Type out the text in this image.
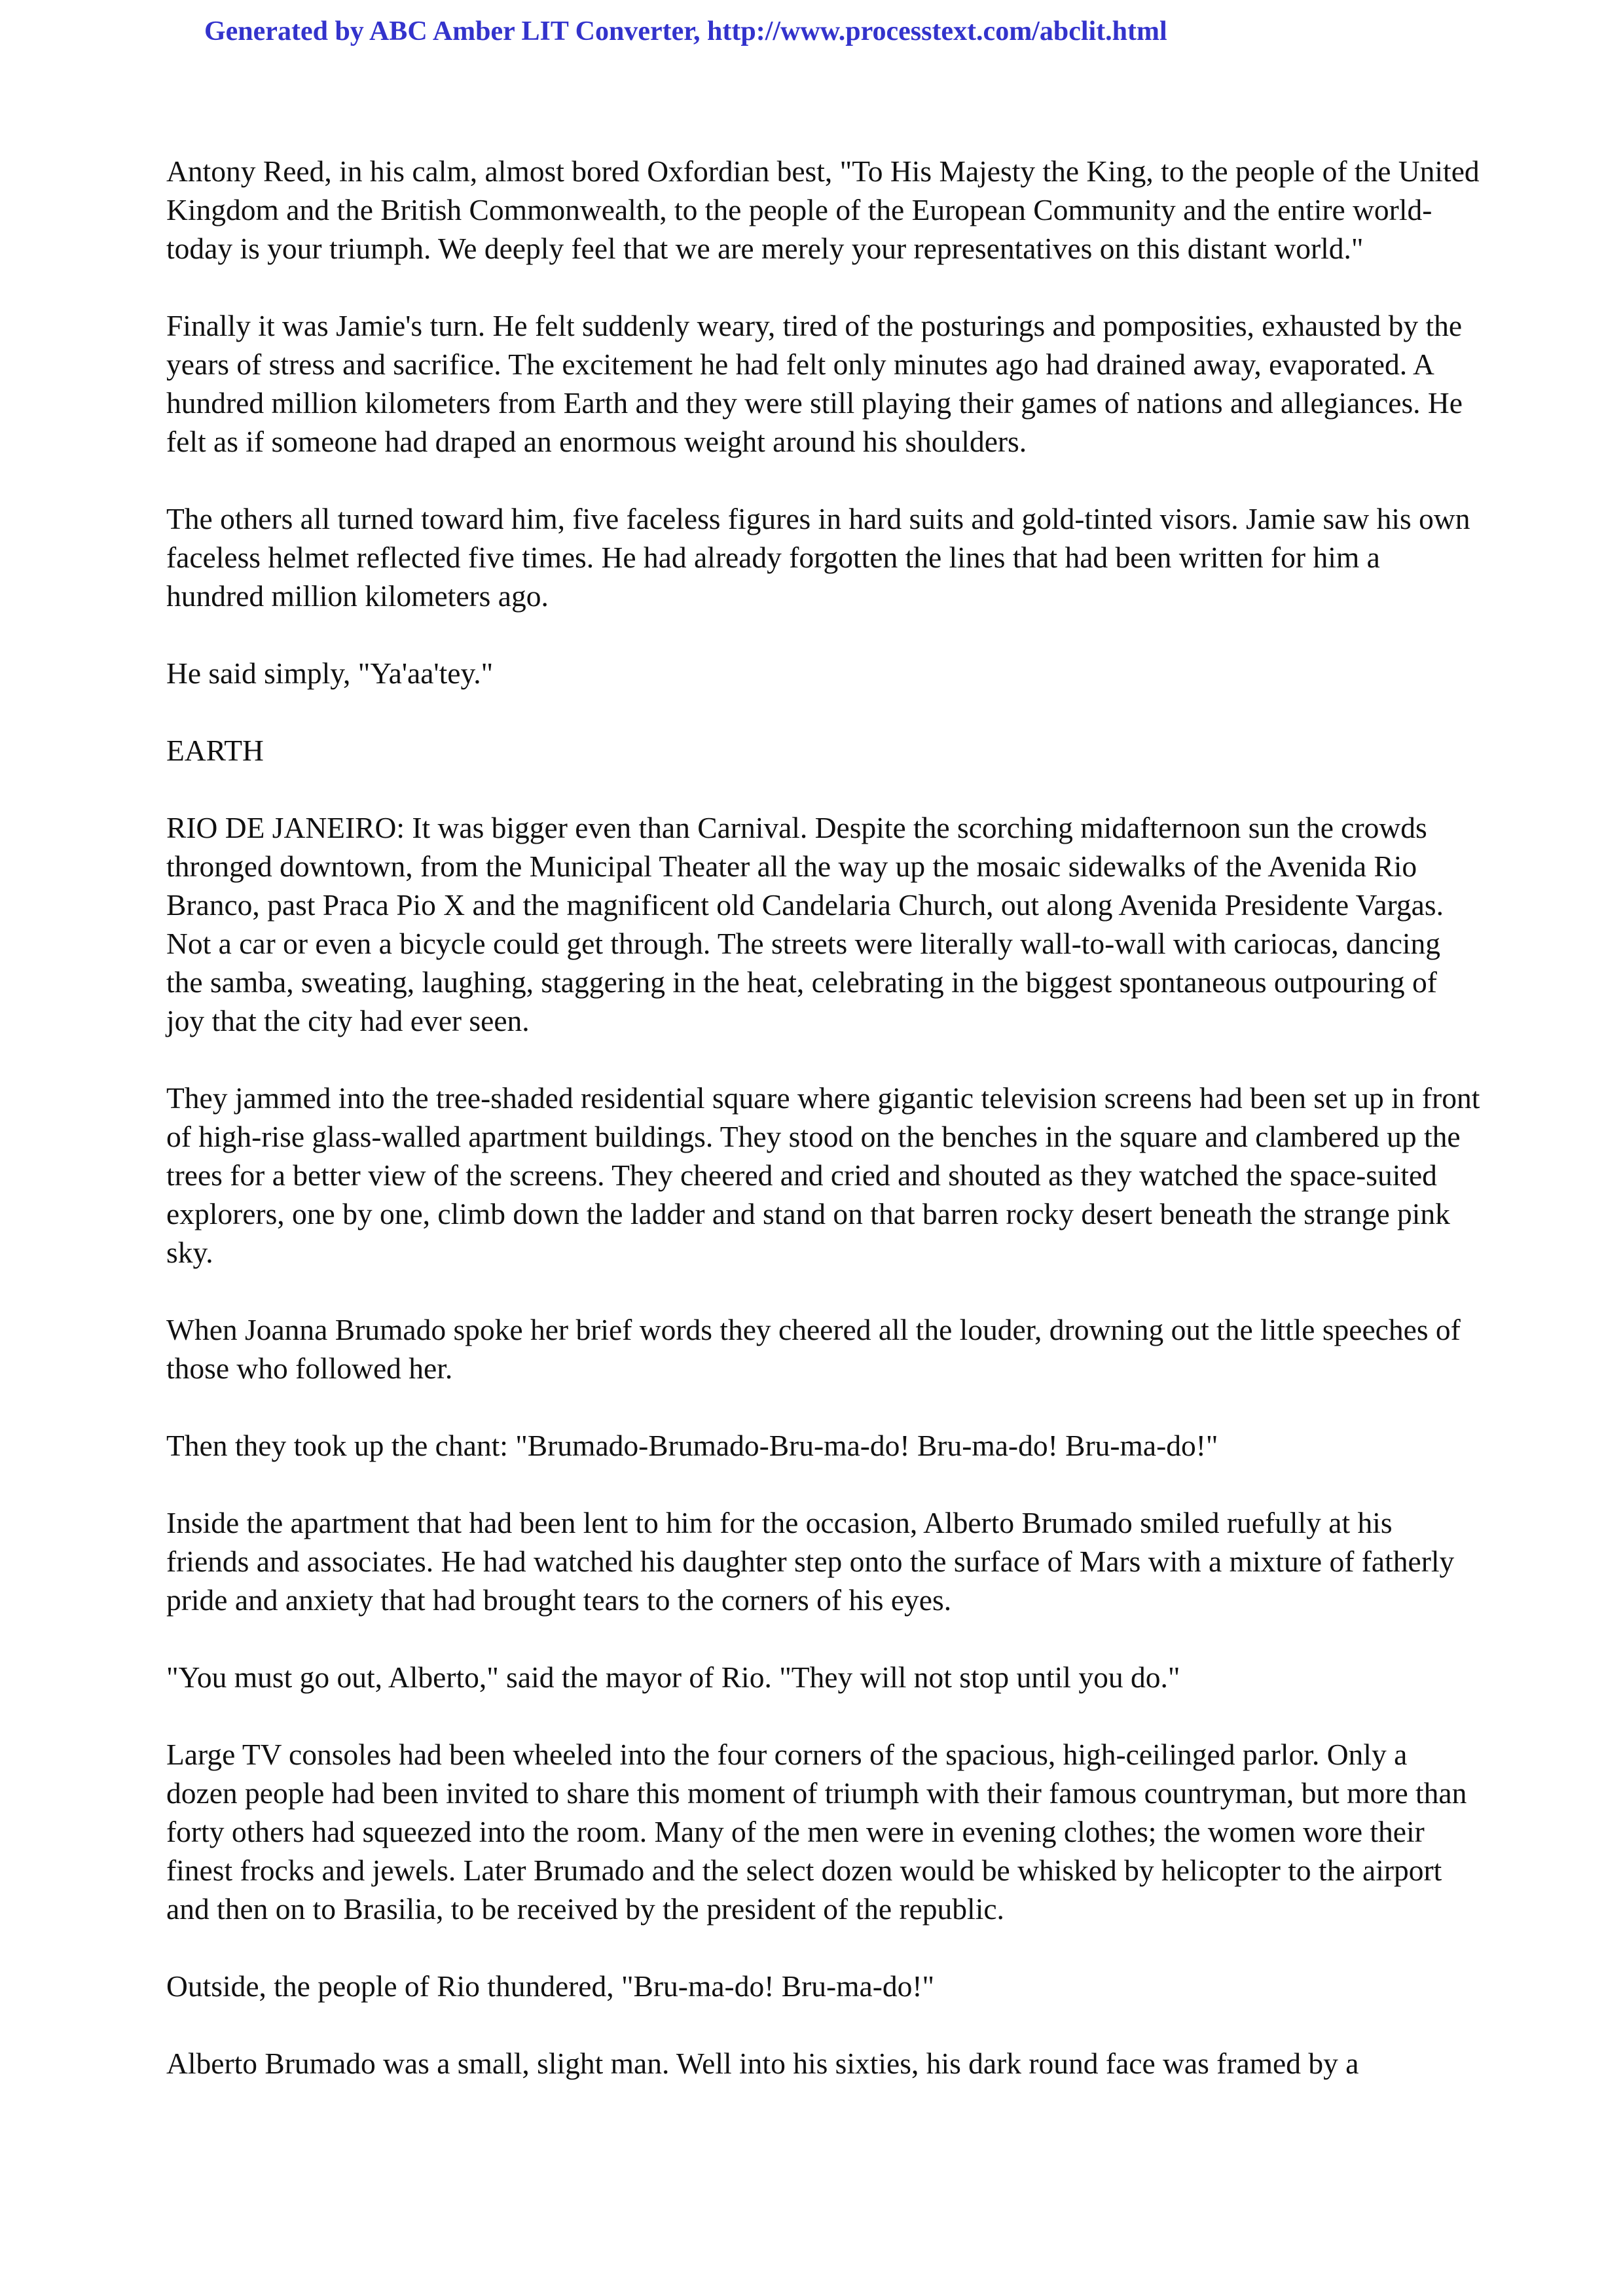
Generated by ABC Amber LIT Converter, http://www.processtext.com/abclit.html

Antony Reed, in his calm, almost bored Oxfordian best, "To His Majesty the King, to the people of the United Kingdom and the British Commonwealth, to the people of the European Community and the entire world-today is your triumph. We deeply feel that we are merely your representatives on this distant world."

Finally it was Jamie's turn. He felt suddenly weary, tired of the posturings and pomposities, exhausted by the years of stress and sacrifice. The excitement he had felt only minutes ago had drained away, evaporated. A hundred million kilometers from Earth and they were still playing their games of nations and allegiances. He felt as if someone had draped an enormous weight around his shoulders.

The others all turned toward him, five faceless figures in hard suits and gold-tinted visors. Jamie saw his own faceless helmet reflected five times. He had already forgotten the lines that had been written for him a hundred million kilometers ago.

He said simply, "Ya'aa'tey."

EARTH

RIO DE JANEIRO: It was bigger even than Carnival. Despite the scorching midafternoon sun the crowds thronged downtown, from the Municipal Theater all the way up the mosaic sidewalks of the Avenida Rio Branco, past Praca Pio X and the magnificent old Candelaria Church, out along Avenida Presidente Vargas. Not a car or even a bicycle could get through. The streets were literally wall-to-wall with cariocas, dancing the samba, sweating, laughing, staggering in the heat, celebrating in the biggest spontaneous outpouring of joy that the city had ever seen.

They jammed into the tree-shaded residential square where gigantic television screens had been set up in front of high-rise glass-walled apartment buildings. They stood on the benches in the square and clambered up the trees for a better view of the screens. They cheered and cried and shouted as they watched the space-suited explorers, one by one, climb down the ladder and stand on that barren rocky desert beneath the strange pink sky.

When Joanna Brumado spoke her brief words they cheered all the louder, drowning out the little speeches of those who followed her.

Then they took up the chant: "Brumado-Brumado-Bru-ma-do! Bru-ma-do! Bru-ma-do!"

Inside the apartment that had been lent to him for the occasion, Alberto Brumado smiled ruefully at his friends and associates. He had watched his daughter step onto the surface of Mars with a mixture of fatherly pride and anxiety that had brought tears to the corners of his eyes.

"You must go out, Alberto," said the mayor of Rio. "They will not stop until you do."

Large TV consoles had been wheeled into the four corners of the spacious, high-ceilinged parlor. Only a dozen people had been invited to share this moment of triumph with their famous countryman, but more than forty others had squeezed into the room. Many of the men were in evening clothes; the women wore their finest frocks and jewels. Later Brumado and the select dozen would be whisked by helicopter to the airport and then on to Brasilia, to be received by the president of the republic.

Outside, the people of Rio thundered, "Bru-ma-do! Bru-ma-do!"

Alberto Brumado was a small, slight man. Well into his sixties, his dark round face was framed by a
